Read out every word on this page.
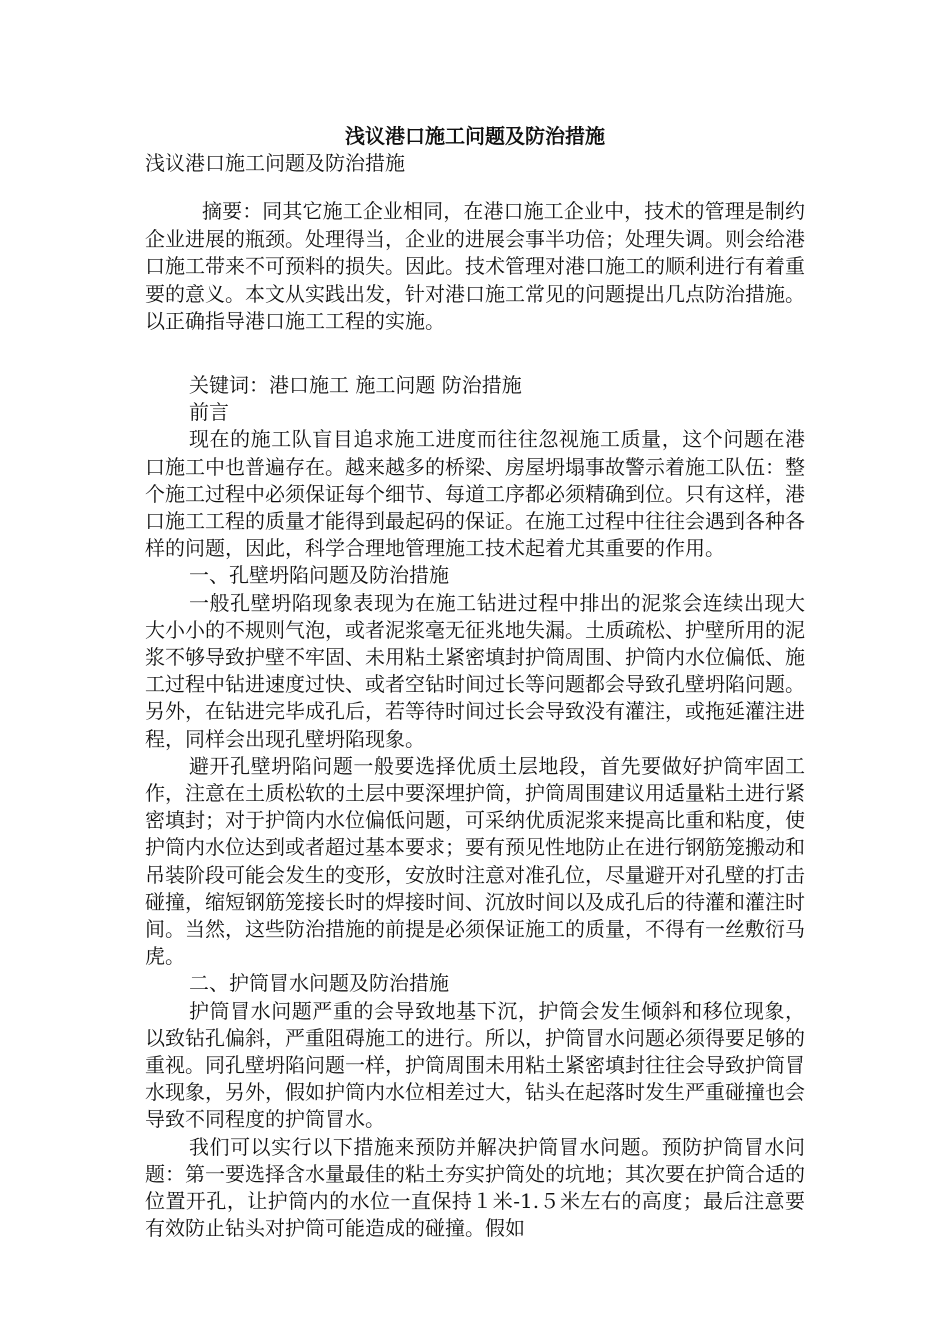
浅议港口施工问题及防治措施
浅议港口施工问题及防治措施

摘要：同其它施工企业相同，在港口施工企业中，技术的管理是制约企业进展的瓶颈。处理得当，企业的进展会事半功倍；处理失调。则会给港口施工带来不可预料的损失。因此。技术管理对港口施工的顺利进行有着重要的意义。本文从实践出发，针对港口施工常见的问题提出几点防治措施。以正确指导港口施工工程的实施。

关键词：港口施工 施工问题 防治措施

前言

现在的施工队盲目追求施工进度而往往忽视施工质量，这个问题在港口施工中也普遍存在。越来越多的桥梁、房屋坍塌事故警示着施工队伍：整个施工过程中必须保证每个细节、每道工序都必须精确到位。只有这样，港口施工工程的质量才能得到最起码的保证。在施工过程中往往会遇到各种各样的问题，因此，科学合理地管理施工技术起着尤其重要的作用。

一、孔壁坍陷问题及防治措施

一般孔壁坍陷现象表现为在施工钻进过程中排出的泥浆会连续出现大大小小的不规则气泡，或者泥浆毫无征兆地失漏。土质疏松、护壁所用的泥浆不够导致护壁不牢固、未用粘土紧密填封护筒周围、护筒内水位偏低、施工过程中钻进速度过快、或者空钻时间过长等问题都会导致孔壁坍陷问题。另外，在钻进完毕成孔后，若等待时间过长会导致没有灌注，或拖延灌注进程，同样会出现孔壁坍陷现象。

避开孔壁坍陷问题一般要选择优质土层地段，首先要做好护筒牢固工作，注意在土质松软的土层中要深埋护筒，护筒周围建议用适量粘土进行紧密填封；对于护筒内水位偏低问题，可采纳优质泥浆来提高比重和粘度，使护筒内水位达到或者超过基本要求；要有预见性地防止在进行钢筋笼搬动和吊装阶段可能会发生的变形，安放时注意对准孔位，尽量避开对孔壁的打击碰撞，缩短钢筋笼接长时的焊接时间、沉放时间以及成孔后的待灌和灌注时间。当然，这些防治措施的前提是必须保证施工的质量，不得有一丝敷衍马虎。

二、护筒冒水问题及防治措施

护筒冒水问题严重的会导致地基下沉，护筒会发生倾斜和移位现象，以致钻孔偏斜，严重阻碍施工的进行。所以，护筒冒水问题必须得要足够的重视。同孔壁坍陷问题一样，护筒周围未用粘土紧密填封往往会导致护筒冒水现象，另外，假如护筒内水位相差过大，钻头在起落时发生严重碰撞也会导致不同程度的护筒冒水。

我们可以实行以下措施来预防并解决护筒冒水问题。预防护筒冒水问题：第一要选择含水量最佳的粘土夯实护筒处的坑地；其次要在护筒合适的位置开孔，让护筒内的水位一直保持１米-1.５米左右的高度；最后注意要有效防止钻头对护筒可能造成的碰撞。假如
